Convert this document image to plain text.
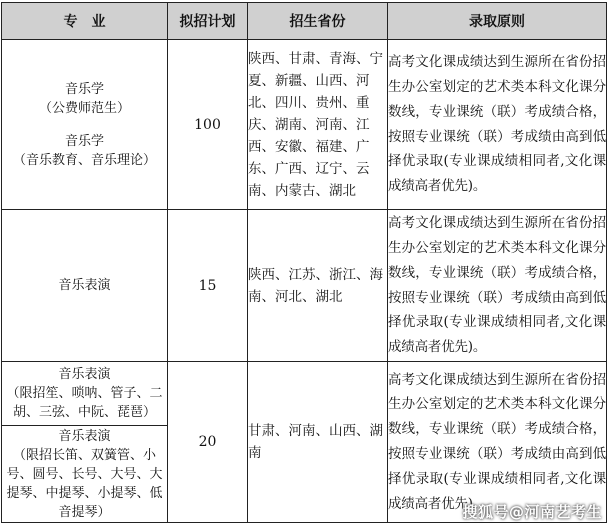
专　业	拟招计划	招生省份	录取原则

音乐学
（公费师范生）
音乐学
（音乐教育、音乐理论）	100	陕西、甘肃、青海、宁夏、新疆、山西、河北、四川、贵州、重庆、湖南、河南、江西、安徽、福建、广东、广西、辽宁、云南、内蒙古、湖北	高考文化课成绩达到生源所在省份招生办公室划定的艺术类本科文化课分数线，专业课统（联）考成绩合格，按照专业课统（联）考成绩由高到低择优录取(专业课成绩相同者,文化课成绩高者优先)。

音乐表演	15	陕西、江苏、浙江、海南、河北、湖北	高考文化课成绩达到生源所在省份招生办公室划定的艺术类本科文化课分数线，专业课统（联）考成绩合格，按照专业课统（联）考成绩由高到低择优录取(专业课成绩相同者,文化课成绩高者优先)。

音乐表演
（限招笙、唢呐、管子、二胡、三弦、中阮、琵琶）	20	甘肃、河南、山西、湖南	高考文化课成绩达到生源所在省份招生办公室划定的艺术类本科文化课分数线，专业课统（联）考成绩合格，按照专业课统（联）考成绩由高到低择优录取(专业课成绩相同者,文化课成绩高者优先)。

音乐表演
（限招长笛、双簧管、小号、圆号、长号、大号、大提琴、中提琴、小提琴、低音提琴）				搜狐号@河南艺考生
